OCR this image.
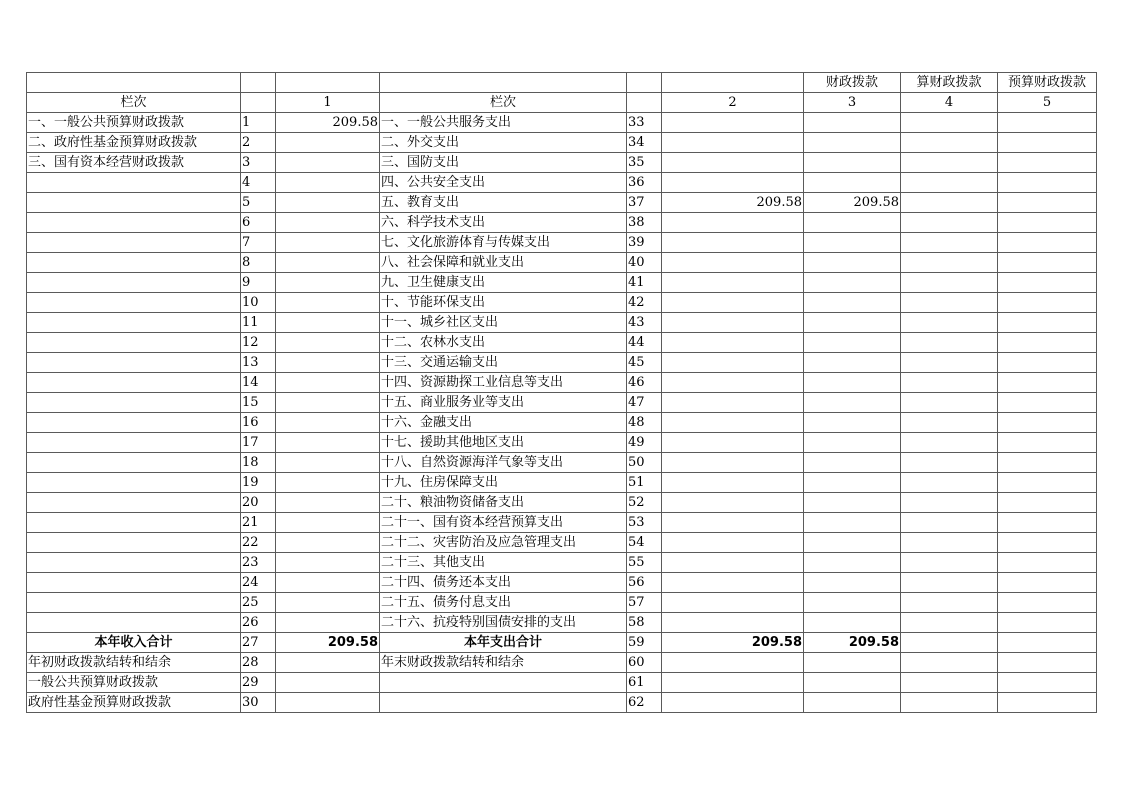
						财政拨款	算财政拨款	预算财政拨款
栏次		1	栏次		2	3	4	5
一、一般公共预算财政拨款	1	209.58	一、一般公共服务支出	33				
二、政府性基金预算财政拨款	2		二、外交支出	34				
三、国有资本经营财政拨款	3		三、国防支出	35				
	4		四、公共安全支出	36				
	5		五、教育支出	37	209.58	209.58		
	6		六、科学技术支出	38				
	7		七、文化旅游体育与传媒支出	39				
	8		八、社会保障和就业支出	40				
	9		九、卫生健康支出	41				
	10		十、节能环保支出	42				
	11		十一、城乡社区支出	43				
	12		十二、农林水支出	44				
	13		十三、交通运输支出	45				
	14		十四、资源勘探工业信息等支出	46				
	15		十五、商业服务业等支出	47				
	16		十六、金融支出	48				
	17		十七、援助其他地区支出	49				
	18		十八、自然资源海洋气象等支出	50				
	19		十九、住房保障支出	51				
	20		二十、粮油物资储备支出	52				
	21		二十一、国有资本经营预算支出	53				
	22		二十二、灾害防治及应急管理支出	54				
	23		二十三、其他支出	55				
	24		二十四、债务还本支出	56				
	25		二十五、债务付息支出	57				
	26		二十六、抗疫特别国债安排的支出	58				
本年收入合计	27	209.58	本年支出合计	59	209.58	209.58		
年初财政拨款结转和结余	28		年末财政拨款结转和结余	60				
一般公共预算财政拨款	29			61				
政府性基金预算财政拨款	30			62				
